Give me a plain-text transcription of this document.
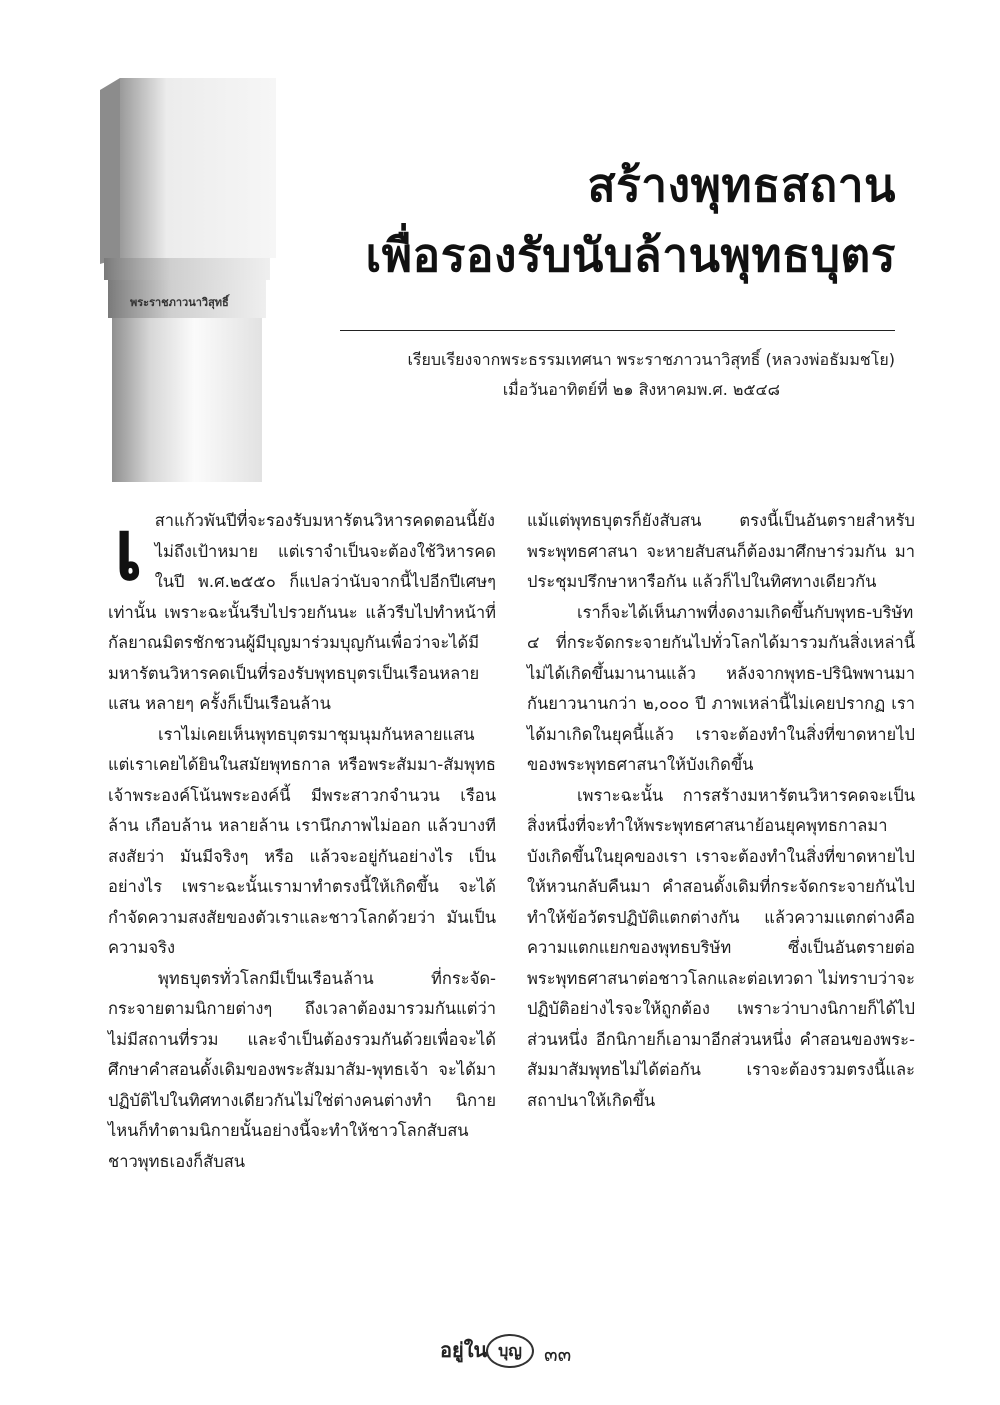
พระราชภาวนาวิสุทธิ์
สร้างพุทธสถาน
เพื่อรองรับนับล้านพุทธบุตร
เรียบเรียงจากพระธรรมเทศนา พระราชภาวนาวิสุทธิ์ (หลวงพ่อธัมมชโย)
เมื่อวันอาทิตย์ที่ ๒๑ สิงหาคมพ.ศ. ๒๕๔๘

เสาแก้วพันปีที่จะรองรับมหารัตนวิหารคดตอนนี้ยังไม่ถึงเป้าหมาย แต่เราจำเป็นจะต้องใช้วิหารคดในปี พ.ศ.๒๕๕๐ ก็แปลว่านับจากนี้ไปอีกปีเศษๆ เท่านั้น เพราะฉะนั้นรีบไปรวยกันนะ แล้วรีบไปทำหน้าที่กัลยาณมิตรชักชวนผู้มีบุญมาร่วมบุญกันเพื่อว่าจะได้มีมหารัตนวิหารคดเป็นที่รองรับพุทธบุตรเป็นเรือนหลายแสน หลายๆ ครั้งก็เป็นเรือนล้าน

เราไม่เคยเห็นพุทธบุตรมาชุมนุมกันหลายแสน แต่เราเคยได้ยินในสมัยพุทธกาล หรือพระสัมมา-สัมพุทธเจ้าพระองค์โน้นพระองค์นี้ มีพระสาวกจำนวน เรือนล้าน เกือบล้าน หลายล้าน เรานึกภาพไม่ออก แล้วบางทีสงสัยว่า มันมีจริงๆ หรือ แล้วจะอยู่กันอย่างไร เป็นอย่างไร เพราะฉะนั้นเรามาทำตรงนี้ให้เกิดขึ้น จะได้กำจัดความสงสัยของตัวเราและชาวโลกด้วยว่า มันเป็นความจริง

พุทธบุตรทั่วโลกมีเป็นเรือนล้าน ที่กระจัด-กระจายตามนิกายต่างๆ ถึงเวลาต้องมารวมกันแต่ว่าไม่มีสถานที่รวม และจำเป็นต้องรวมกันด้วยเพื่อจะได้ศึกษาคำสอนดั้งเดิมของพระสัมมาสัม-พุทธเจ้า จะได้มาปฏิบัติไปในทิศทางเดียวกันไม่ใช่ต่างคนต่างทำ นิกายไหนก็ทำตามนิกายนั้นอย่างนี้จะทำให้ชาวโลกสับสน ชาวพุทธเองก็สับสน

แม้แต่พุทธบุตรก็ยังสับสน ตรงนี้เป็นอันตรายสำหรับพระพุทธศาสนา จะหายสับสนก็ต้องมาศึกษาร่วมกัน มาประชุมปรึกษาหารือกัน แล้วก็ไปในทิศทางเดียวกัน

เราก็จะได้เห็นภาพที่งดงามเกิดขึ้นกับพุทธ-บริษัท ๔ ที่กระจัดกระจายกันไปทั่วโลกได้มารวมกันสิ่งเหล่านี้ไม่ได้เกิดขึ้นมานานแล้ว หลังจากพุทธ-ปรินิพพานมากันยาวนานกว่า ๒,๐๐๐ ปี ภาพเหล่านี้ไม่เคยปรากฏ เราได้มาเกิดในยุคนี้แล้ว เราจะต้องทำในสิ่งที่ขาดหายไปของพระพุทธศาสนาให้บังเกิดขึ้น

เพราะฉะนั้น การสร้างมหารัตนวิหารคดจะเป็นสิ่งหนึ่งที่จะทำให้พระพุทธศาสนาย้อนยุคพุทธกาลมาบังเกิดขึ้นในยุคของเรา เราจะต้องทำในสิ่งที่ขาดหายไปให้หวนกลับคืนมา คำสอนดั้งเดิมที่กระจัดกระจายกันไปทำให้ข้อวัตรปฏิบัติแตกต่างกัน แล้วความแตกต่างคือความแตกแยกของพุทธบริษัท ซึ่งเป็นอันตรายต่อพระพุทธศาสนาต่อชาวโลกและต่อเทวดา ไม่ทราบว่าจะปฏิบัติอย่างไรจะให้ถูกต้อง เพราะว่าบางนิกายก็ได้ไปส่วนหนึ่ง อีกนิกายก็เอามาอีกส่วนหนึ่ง คำสอนของพระ-สัมมาสัมพุทธไม่ได้ต่อกัน เราจะต้องรวมตรงนี้และสถาปนาให้เกิดขึ้น

อยู่ใน บุญ	๓๓
